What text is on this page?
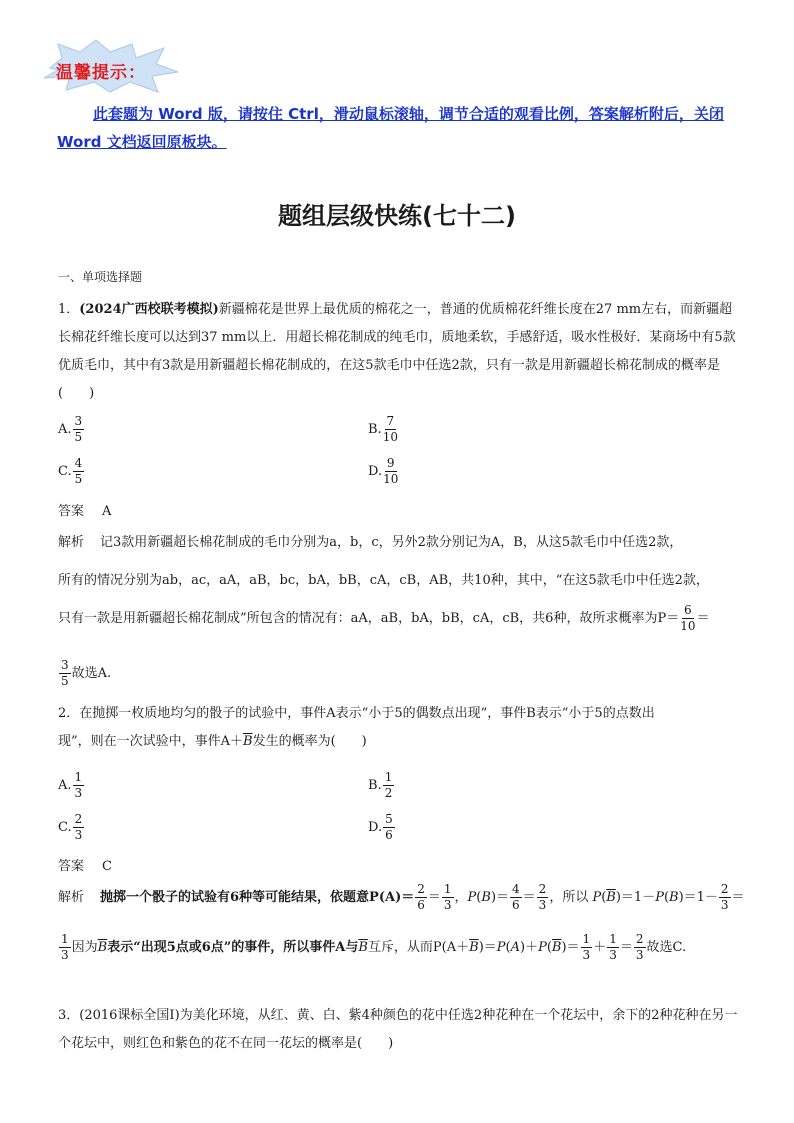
温馨提示：
此套题为 Word 版，请按住 Ctrl，滑动鼠标滚轴，调节合适的观看比例，答案解析附后，关闭 Word 文档返回原板块。
题组层级快练(七十二)
一、单项选择题
1．(2024广西校联考模拟)新疆棉花是世界上最优质的棉花之一，普通的优质棉花纤维长度在27 mm左右，而新疆超长棉花纤维长度可以达到37 mm以上．用超长棉花制成的纯毛巾，质地柔软，手感舒适，吸水性极好．某商场中有5款优质毛巾，其中有3款是用新疆超长棉花制成的，在这5款毛巾中任选2款，只有一款是用新疆超长棉花制成的概率是(　　)
A. $\frac{3}{5}$	B. $\frac{7}{10}$
C. $\frac{4}{5}$	D. $\frac{9}{10}$
答案 A
解析 记3款用新疆超长棉花制成的毛巾分别为a，b，c，另外2款分别记为A，B，从这5款毛巾中任选2款，
所有的情况分别为ab，ac，aA，aB，bc，bA，bB，cA，cB，AB，共10种，其中，“在这5款毛巾中任选2款，
只有一款是用新疆超长棉花制成”所包含的情况有：aA，aB，bA，bB，cA，cB，共6种，故所求概率为$P= \frac{6}{10}$ ＝
$\frac{3}{5}$ 故选A.
2．在抛掷一枚质地均匀的骰子的试验中，事件A表示“小于5的偶数点出现”，事件B表示“小于5的点数出
现”，则在一次试验中，事件$A+\overline{B}$发生的概率为(　　)
A. $\frac{1}{3}$	B. $\frac{1}{2}$
C. $\frac{2}{3}$	D. $\frac{5}{6}$
答案 C
解析 抛掷一个骰子的试验有6种等可能结果，依题意$P(A)= \frac{2}{6} = \frac{1}{3}$ ，$P(B)= \frac{4}{6} = \frac{2}{3}$ ，所以 $P(\overline{B})=1-P(B)=1- \frac{2}{3}$ ＝
$\frac{1}{3}$ 因为$\overline{B}$表示“出现5点或6点”的事件，所以事件A与$\overline{B}$互斥，从而$P(A+\overline{B})=P(A)+P(\overline{B})= \frac{1}{3} + \frac{1}{3} = \frac{2}{3}$ 故选C.
3．(2016课标全国Ⅰ)为美化环境，从红、黄、白、紫4种颜色的花中任选2种花种在一个花坛中，余下的2种花种在另一个花坛中，则红色和紫色的花不在同一花坛的概率是(　　)
